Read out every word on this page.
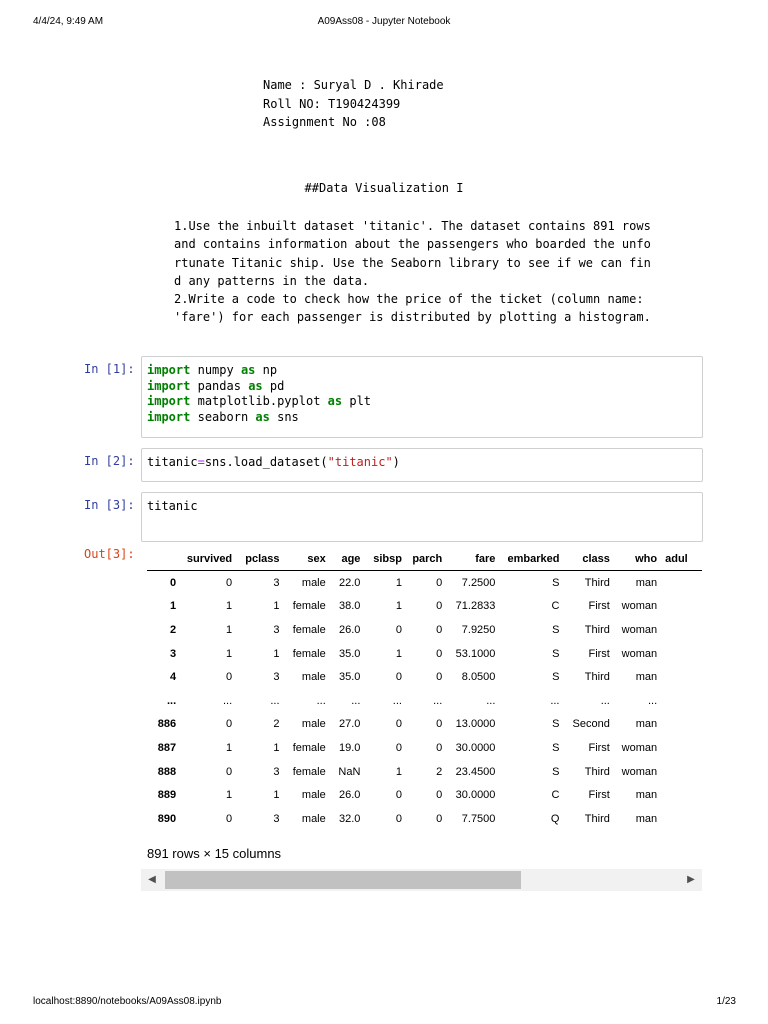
4/4/24, 9:49 AM	A09Ass08 - Jupyter Notebook
Name : Suryal D . Khirade
Roll NO: T190424399
Assignment No :08
##Data Visualization I
1.Use the inbuilt dataset 'titanic'. The dataset contains 891 rows
and contains information about the passengers who boarded the unfo
rtunate Titanic ship. Use the Seaborn library to see if we can fin
d any patterns in the data.
2.Write a code to check how the price of the ticket (column name:
'fare') for each passenger is distributed by plotting a histogram.
In [1]:	import numpy as np
import pandas as pd
import matplotlib.pyplot as plt
import seaborn as sns
In [2]:	titanic=sns.load_dataset("titanic")
In [3]:	titanic
Out[3]:
		survived	pclass	sex	age	sibsp	parch	fare	embarked	class	who	adul
0	0	3	male	22.0	1	0	7.2500	S	Third	man	
1	1	1	female	38.0	1	0	71.2833	C	First	woman	
2	1	3	female	26.0	0	0	7.9250	S	Third	woman	
3	1	1	female	35.0	1	0	53.1000	S	First	woman	
4	0	3	male	35.0	0	0	8.0500	S	Third	man	
...	...	...	...	...	...	...	...	...	...	...	
886	0	2	male	27.0	0	0	13.0000	S	Second	man	
887	1	1	female	19.0	0	0	30.0000	S	First	woman	
888	0	3	female	NaN	1	2	23.4500	S	Third	woman	
889	1	1	male	26.0	0	0	30.0000	C	First	man	
890	0	3	male	32.0	0	0	7.7500	Q	Third	man	
891 rows × 15 columns
◀	▶
localhost:8890/notebooks/A09Ass08.ipynb	1/23
